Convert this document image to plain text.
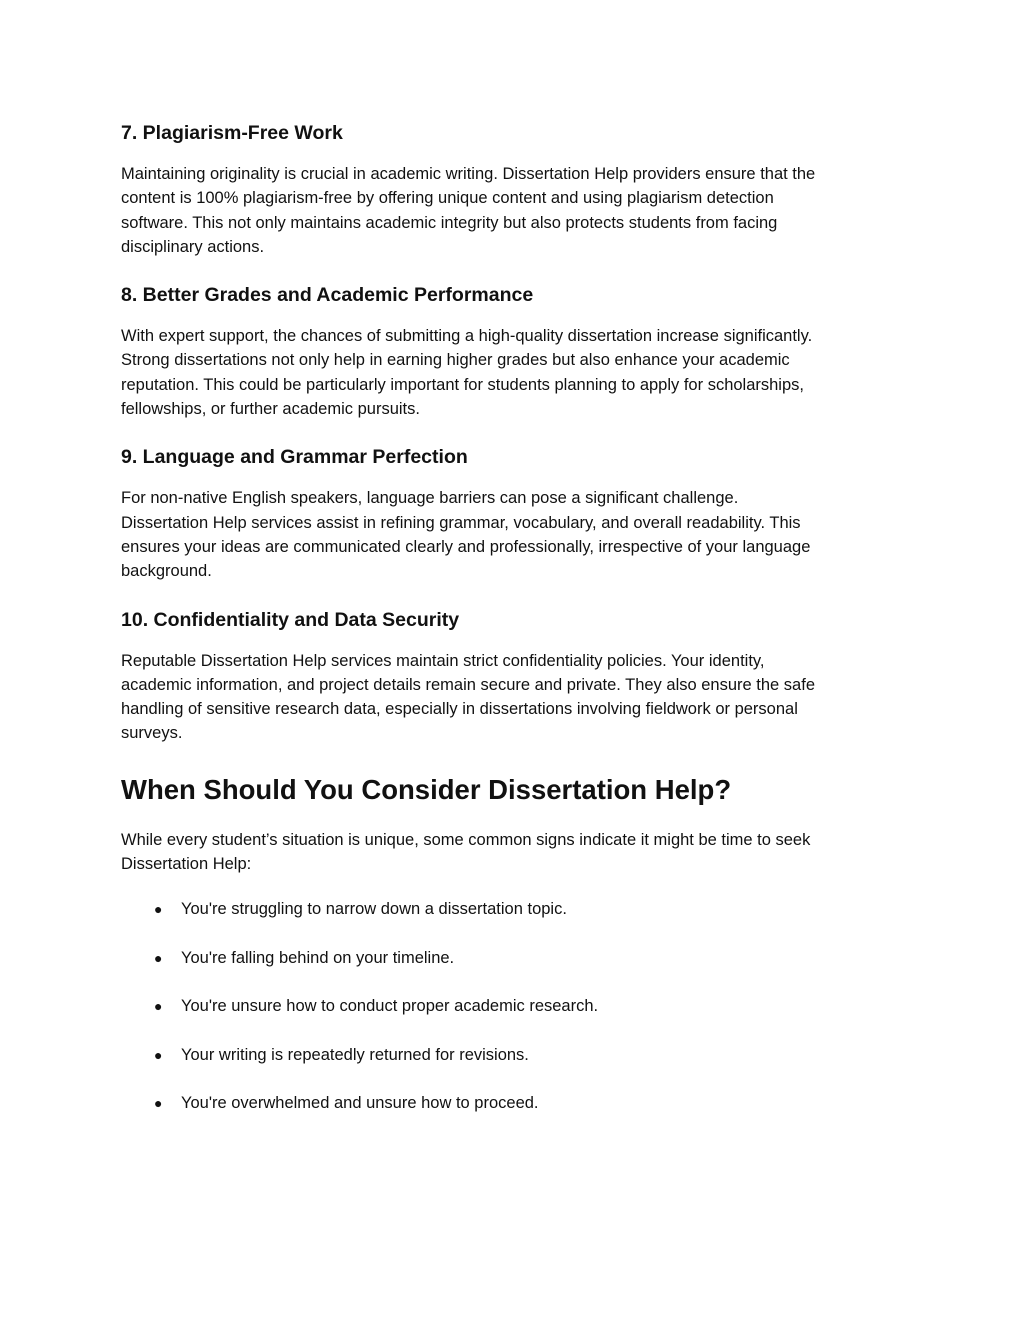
7. Plagiarism-Free Work
Maintaining originality is crucial in academic writing. Dissertation Help providers ensure that the
content is 100% plagiarism-free by offering unique content and using plagiarism detection
software. This not only maintains academic integrity but also protects students from facing
disciplinary actions.
8. Better Grades and Academic Performance
With expert support, the chances of submitting a high-quality dissertation increase significantly.
Strong dissertations not only help in earning higher grades but also enhance your academic
reputation. This could be particularly important for students planning to apply for scholarships,
fellowships, or further academic pursuits.
9. Language and Grammar Perfection
For non-native English speakers, language barriers can pose a significant challenge.
Dissertation Help services assist in refining grammar, vocabulary, and overall readability. This
ensures your ideas are communicated clearly and professionally, irrespective of your language
background.
10. Confidentiality and Data Security
Reputable Dissertation Help services maintain strict confidentiality policies. Your identity,
academic information, and project details remain secure and private. They also ensure the safe
handling of sensitive research data, especially in dissertations involving fieldwork or personal
surveys.
When Should You Consider Dissertation Help?
While every student’s situation is unique, some common signs indicate it might be time to seek
Dissertation Help:
● You're struggling to narrow down a dissertation topic.
● You're falling behind on your timeline.
● You're unsure how to conduct proper academic research.
● Your writing is repeatedly returned for revisions.
● You're overwhelmed and unsure how to proceed.
